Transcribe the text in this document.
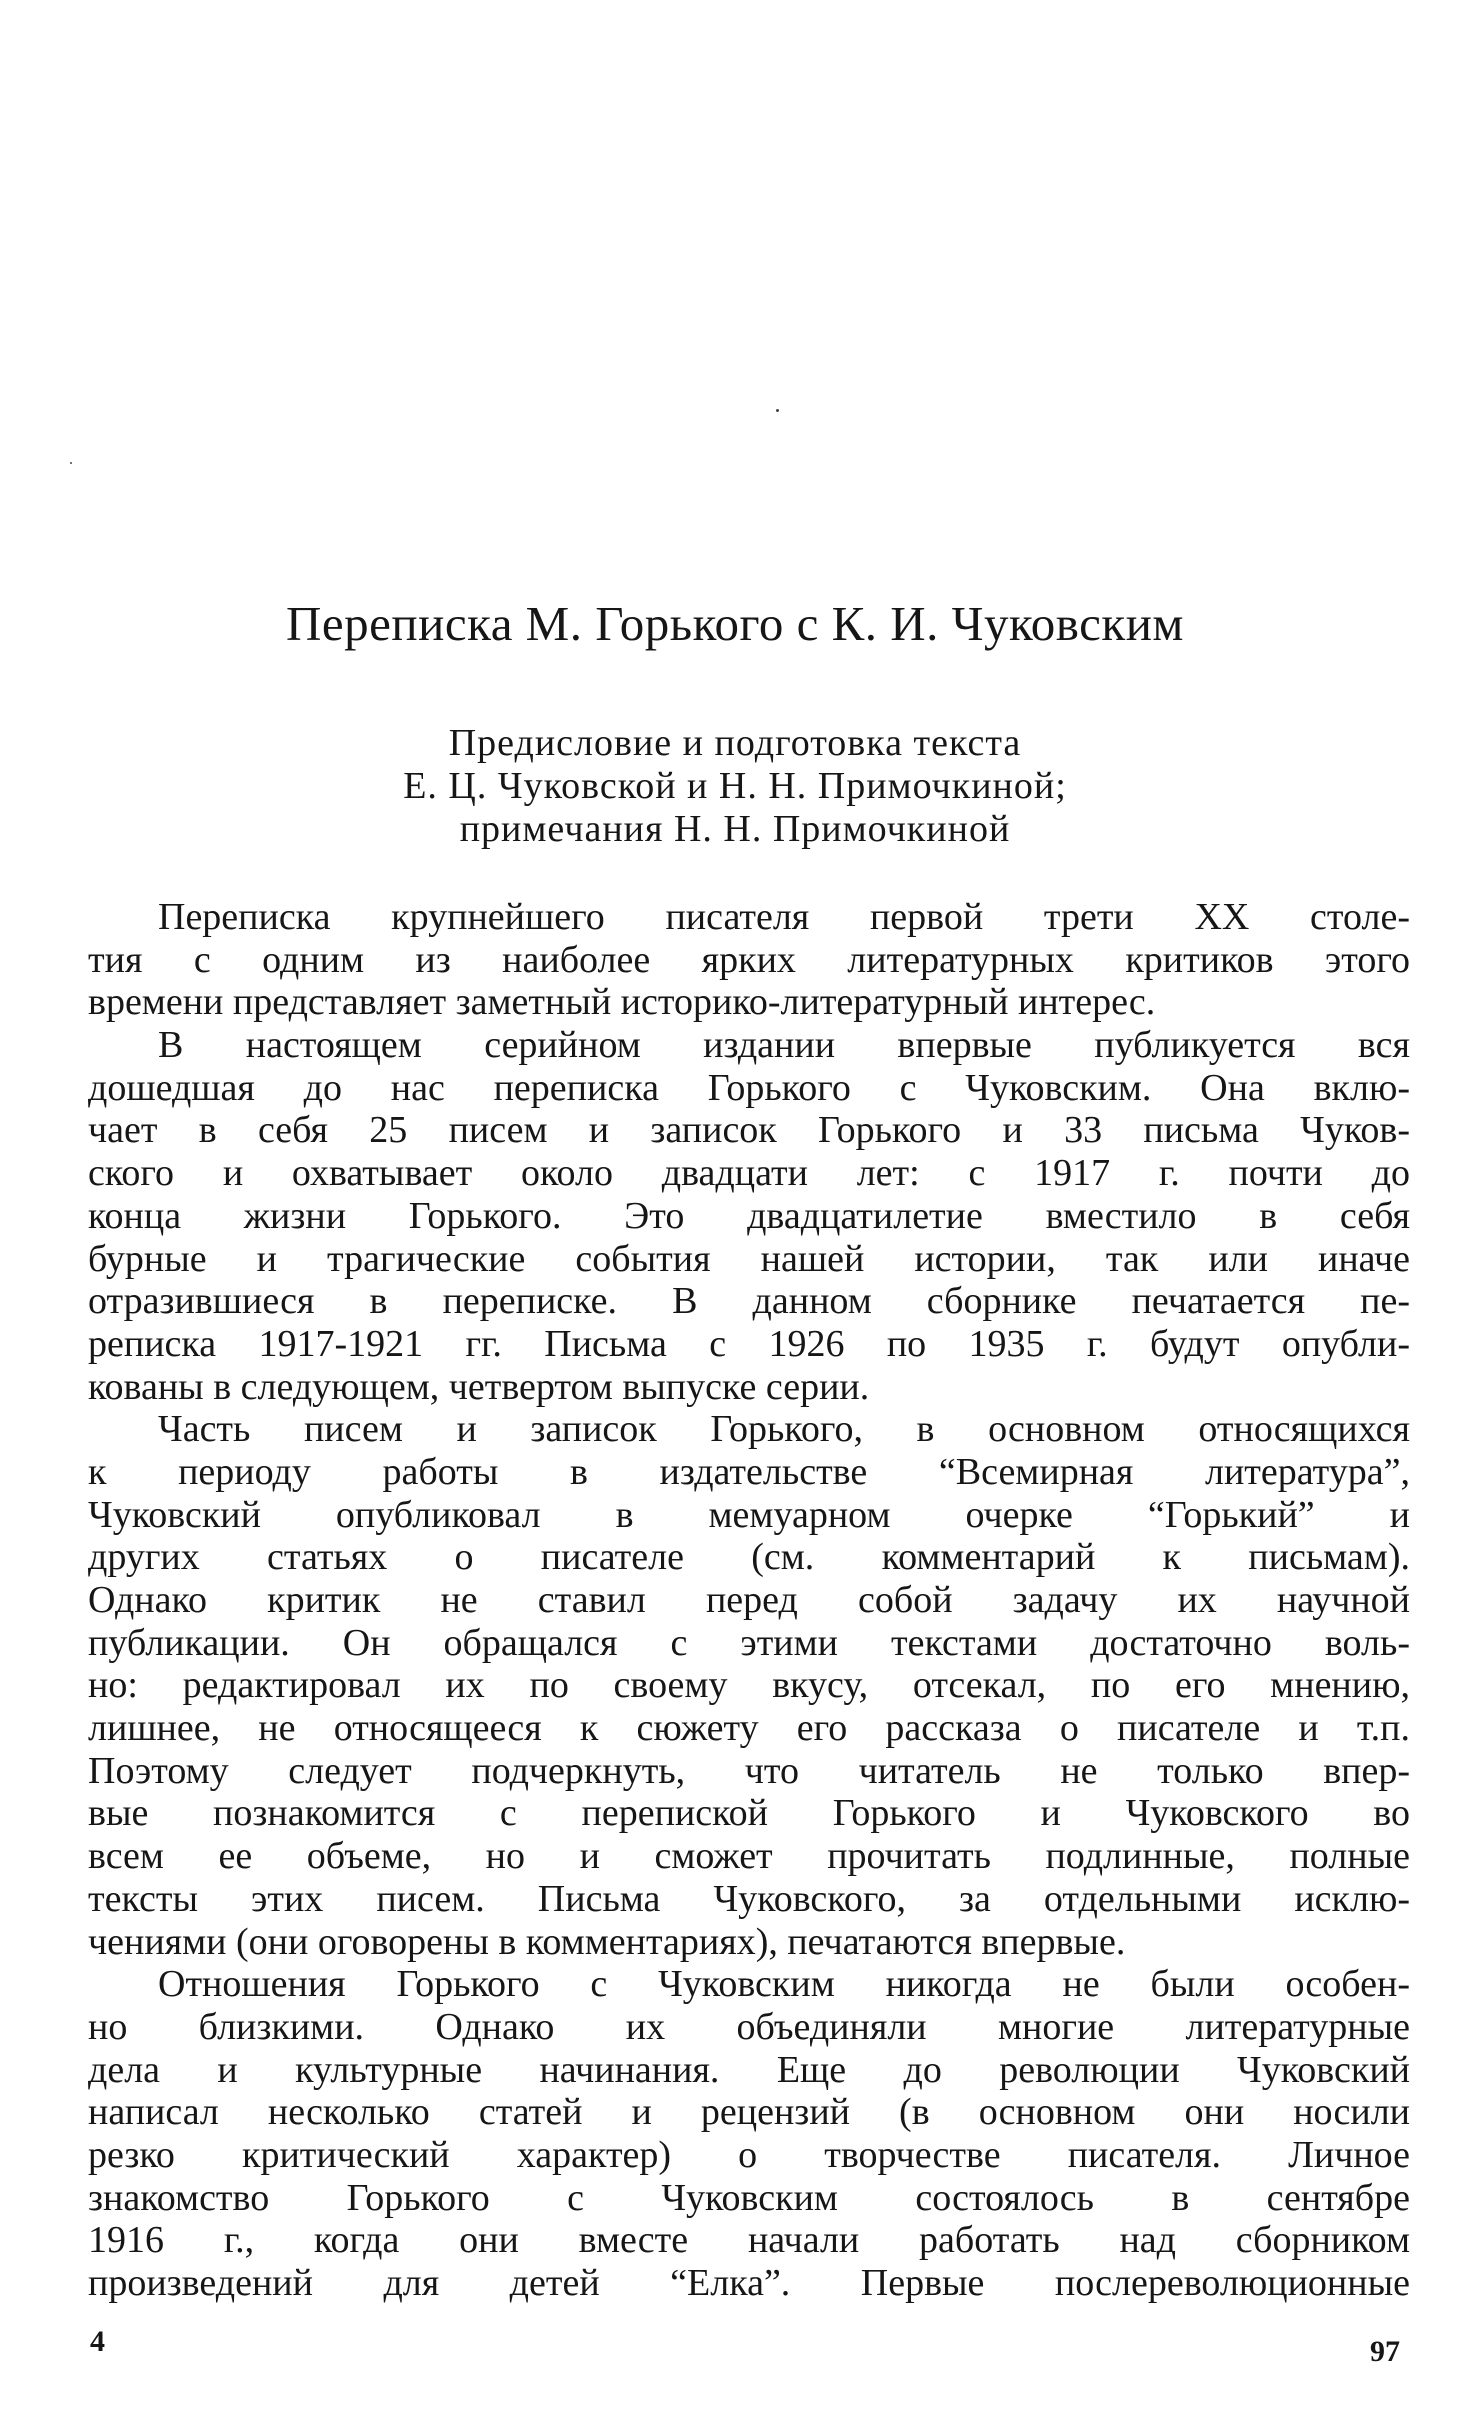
Переписка М. Горького с К. И. Чуковским
Предисловие и подготовка текста
Е. Ц. Чуковской и Н. Н. Примочкиной;
примечания Н. Н. Примочкиной
Переписка крупнейшего писателя первой трети XX столе-
тия с одним из наиболее ярких литературных критиков этого
времени представляет заметный историко-литературный интерес.
В настоящем серийном издании впервые публикуется вся
дошедшая до нас переписка Горького с Чуковским. Она вклю-
чает в себя 25 писем и записок Горького и 33 письма Чуков-
ского и охватывает около двадцати лет: с 1917 г. почти до
конца жизни Горького. Это двадцатилетие вместило в себя
бурные и трагические события нашей истории, так или иначе
отразившиеся в переписке. В данном сборнике печатается пе-
реписка 1917-1921 гг. Письма с 1926 по 1935 г. будут опубли-
кованы в следующем, четвертом выпуске серии.
Часть писем и записок Горького, в основном относящихся
к периоду работы в издательстве “Всемирная литература”,
Чуковский опубликовал в мемуарном очерке “Горький” и
других статьях о писателе (см. комментарий к письмам).
Однако критик не ставил перед собой задачу их научной
публикации. Он обращался с этими текстами достаточно воль-
но: редактировал их по своему вкусу, отсекал, по его мнению,
лишнее, не относящееся к сюжету его рассказа о писателе и т.п.
Поэтому следует подчеркнуть, что читатель не только впер-
вые познакомится с перепиской Горького и Чуковского во
всем ее объеме, но и сможет прочитать подлинные, полные
тексты этих писем. Письма Чуковского, за отдельными исклю-
чениями (они оговорены в комментариях), печатаются впервые.
Отношения Горького с Чуковским никогда не были особен-
но близкими. Однако их объединяли многие литературные
дела и культурные начинания. Еще до революции Чуковский
написал несколько статей и рецензий (в основном они носили
резко критический характер) о творчестве писателя. Личное
знакомство Горького с Чуковским состоялось в сентябре
1916 г., когда они вместе начали работать над сборником
произведений для детей “Елка”. Первые послереволюционные
4	97
